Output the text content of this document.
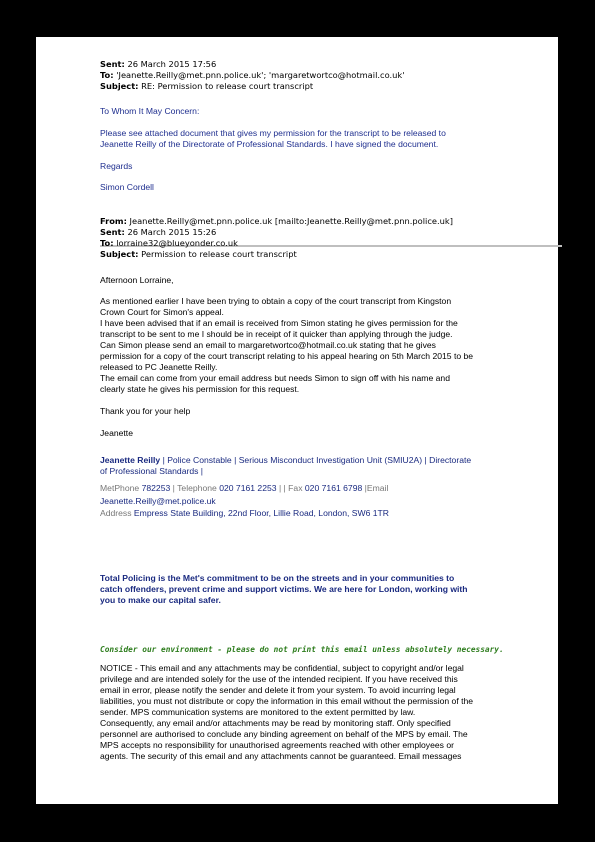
Sent: 26 March 2015 17:56
To: 'Jeanette.Reilly@met.pnn.police.uk'; 'margaretwortco@hotmail.co.uk'
Subject: RE: Permission to release court transcript
To Whom It May Concern:
Please see attached document that gives my permission for the transcript to be released to
Jeanette Reilly of the Directorate of Professional Standards. I have signed the document.
Regards
Simon Cordell
From: Jeanette.Reilly@met.pnn.police.uk [mailto:Jeanette.Reilly@met.pnn.police.uk]
Sent: 26 March 2015 15:26
To: lorraine32@blueyonder.co.uk
Subject: Permission to release court transcript
Afternoon Lorraine,
As mentioned earlier I have been trying to obtain a copy of the court transcript from Kingston
Crown Court for Simon's appeal.
I have been advised that if an email is received from Simon stating he gives permission for the
transcript to be sent to me I should be in receipt of it quicker than applying through the judge.
Can Simon please send an email to margaretwortco@hotmail.co.uk stating that he gives
permission for a copy of the court transcript relating to his appeal hearing on 5th March 2015 to be
released to PC Jeanette Reilly.
The email can come from your email address but needs Simon to sign off with his name and
clearly state he gives his permission for this request.
Thank you for your help
Jeanette
Jeanette Reilly | Police Constable | Serious Misconduct Investigation Unit (SMIU2A) | Directorate
of Professional Standards |
MetPhone 782253 | Telephone 020 7161 2253 | | Fax 020 7161 6798 |Email
Jeanette.Reilly@met.police.uk
Address Empress State Building, 22nd Floor, Lillie Road, London, SW6 1TR
Total Policing is the Met's commitment to be on the streets and in your communities to
catch offenders, prevent crime and support victims. We are here for London, working with
you to make our capital safer.
Consider our environment - please do not print this email unless absolutely necessary.
NOTICE - This email and any attachments may be confidential, subject to copyright and/or legal
privilege and are intended solely for the use of the intended recipient. If you have received this
email in error, please notify the sender and delete it from your system. To avoid incurring legal
liabilities, you must not distribute or copy the information in this email without the permission of the
sender. MPS communication systems are monitored to the extent permitted by law.
Consequently, any email and/or attachments may be read by monitoring staff. Only specified
personnel are authorised to conclude any binding agreement on behalf of the MPS by email. The
MPS accepts no responsibility for unauthorised agreements reached with other employees or
agents. The security of this email and any attachments cannot be guaranteed. Email messages
2010
